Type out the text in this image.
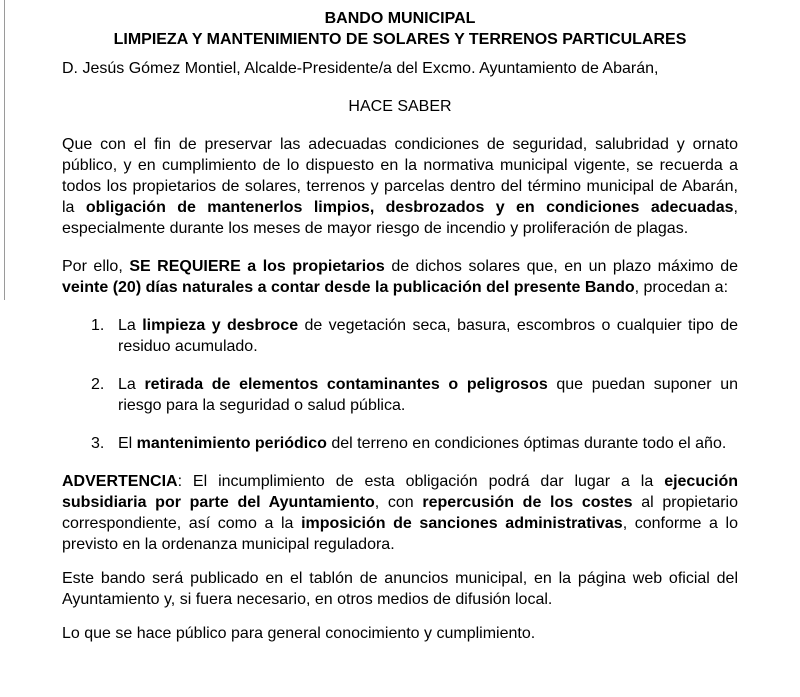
BANDO MUNICIPAL
LIMPIEZA Y MANTENIMIENTO DE SOLARES Y TERRENOS PARTICULARES

D. Jesús Gómez Montiel, Alcalde-Presidente/a del Excmo. Ayuntamiento de Abarán,

HACE SABER

Que con el fin de preservar las adecuadas condiciones de seguridad, salubridad y ornato público, y en cumplimiento de lo dispuesto en la normativa municipal vigente, se recuerda a todos los propietarios de solares, terrenos y parcelas dentro del término municipal de Abarán, la obligación de mantenerlos limpios, desbrozados y en condiciones adecuadas, especialmente durante los meses de mayor riesgo de incendio y proliferación de plagas.

Por ello, SE REQUIERE a los propietarios de dichos solares que, en un plazo máximo de veinte (20) días naturales a contar desde la publicación del presente Bando, procedan a:

1. La limpieza y desbroce de vegetación seca, basura, escombros o cualquier tipo de residuo acumulado.
2. La retirada de elementos contaminantes o peligrosos que puedan suponer un riesgo para la seguridad o salud pública.
3. El mantenimiento periódico del terreno en condiciones óptimas durante todo el año.

ADVERTENCIA: El incumplimiento de esta obligación podrá dar lugar a la ejecución subsidiaria por parte del Ayuntamiento, con repercusión de los costes al propietario correspondiente, así como a la imposición de sanciones administrativas, conforme a lo previsto en la ordenanza municipal reguladora.

Este bando será publicado en el tablón de anuncios municipal, en la página web oficial del Ayuntamiento y, si fuera necesario, en otros medios de difusión local.

Lo que se hace público para general conocimiento y cumplimiento.
